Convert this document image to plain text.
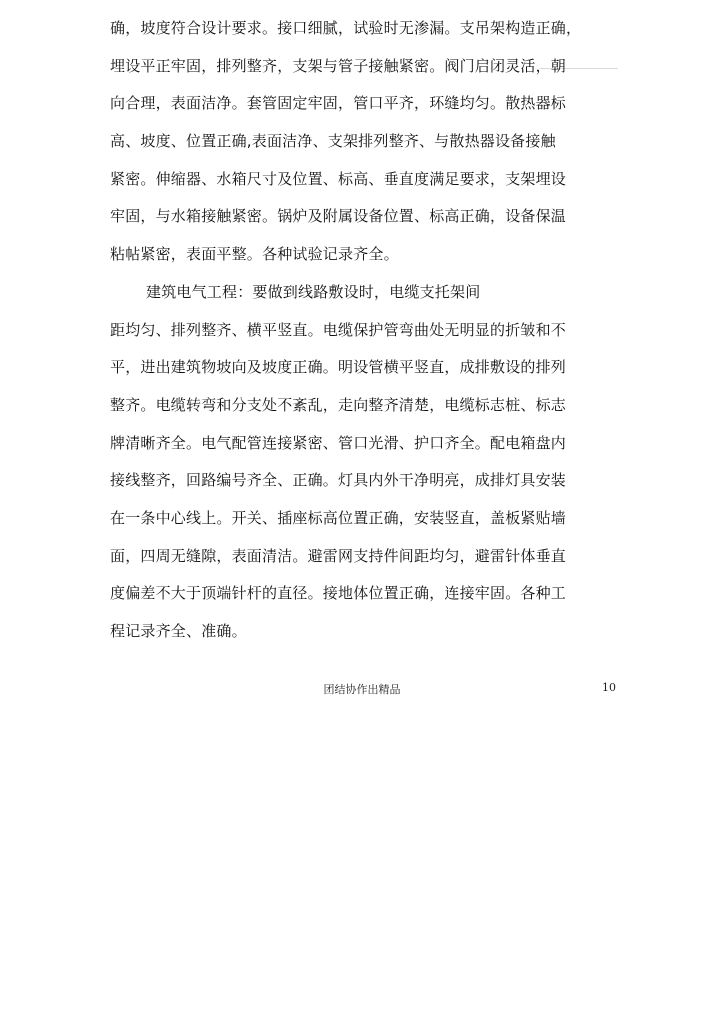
确，坡度符合设计要求。接口细腻，试验时无渗漏。支吊架构造正确，
埋设平正牢固，排列整齐，支架与管子接触紧密。阀门启闭灵活，朝
向合理，表面洁净。套管固定牢固，管口平齐，环缝均匀。散热器标
高、坡度、位置正确,表面洁净、支架排列整齐、与散热器设备接触
紧密。伸缩器、水箱尺寸及位置、标高、垂直度满足要求，支架埋设
牢固，与水箱接触紧密。锅炉及附属设备位置、标高正确，设备保温
粘帖紧密，表面平整。各种试验记录齐全。
建筑电气工程：要做到线路敷设时，电缆支托架间
距均匀、排列整齐、横平竖直。电缆保护管弯曲处无明显的折皱和不
平，进出建筑物坡向及坡度正确。明设管横平竖直，成排敷设的排列
整齐。电缆转弯和分支处不紊乱，走向整齐清楚，电缆标志桩、标志
牌清晰齐全。电气配管连接紧密、管口光滑、护口齐全。配电箱盘内
接线整齐，回路编号齐全、正确。灯具内外干净明亮，成排灯具安装
在一条中心线上。开关、插座标高位置正确，安装竖直，盖板紧贴墙
面，四周无缝隙，表面清洁。避雷网支持件间距均匀，避雷针体垂直
度偏差不大于顶端针杆的直径。接地体位置正确，连接牢固。各种工
程记录齐全、准确。
团结协作出精品	10
